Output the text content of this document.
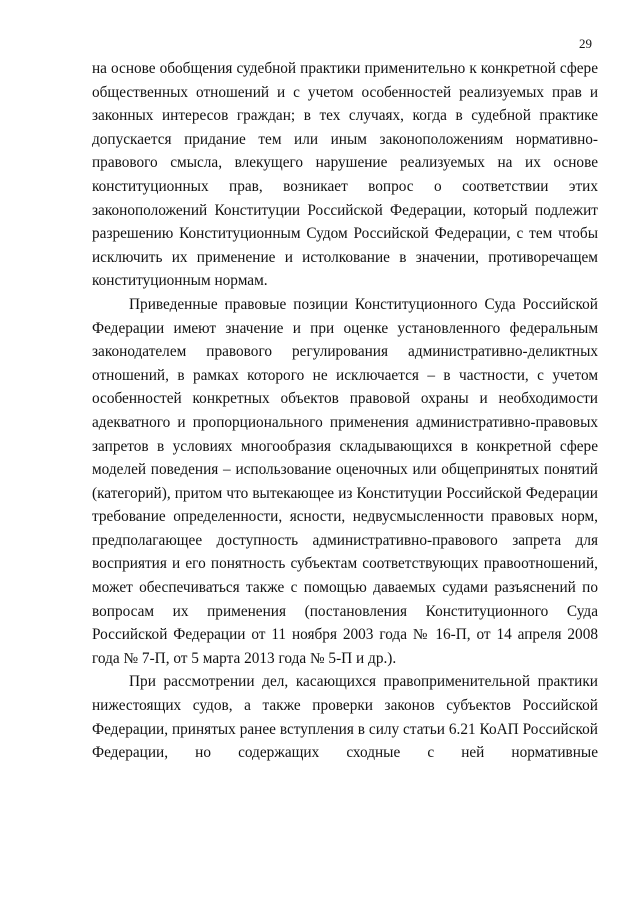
29

на основе обобщения судебной практики применительно к конкретной сфере общественных отношений и с учетом особенностей реализуемых прав и законных интересов граждан; в тех случаях, когда в судебной практике допускается придание тем или иным законоположениям нормативно-правового смысла, влекущего нарушение реализуемых на их основе конституционных прав, возникает вопрос о соответствии этих законоположений Конституции Российской Федерации, который подлежит разрешению Конституционным Судом Российской Федерации, с тем чтобы исключить их применение и истолкование в значении, противоречащем конституционным нормам.

Приведенные правовые позиции Конституционного Суда Российской Федерации имеют значение и при оценке установленного федеральным законодателем правового регулирования административно-деликтных отношений, в рамках которого не исключается – в частности, с учетом особенностей конкретных объектов правовой охраны и необходимости адекватного и пропорционального применения административно-правовых запретов в условиях многообразия складывающихся в конкретной сфере моделей поведения – использование оценочных или общепринятых понятий (категорий), притом что вытекающее из Конституции Российской Федерации требование определенности, ясности, недвусмысленности правовых норм, предполагающее доступность административно-правового запрета для восприятия и его понятность субъектам соответствующих правоотношений, может обеспечиваться также с помощью даваемых судами разъяснений по вопросам их применения (постановления Конституционного Суда Российской Федерации от 11 ноября 2003 года № 16-П, от 14 апреля 2008 года № 7-П, от 5 марта 2013 года № 5-П и др.).

При рассмотрении дел, касающихся правоприменительной практики нижестоящих судов, а также проверки законов субъектов Российской Федерации, принятых ранее вступления в силу статьи 6.21 КоАП Российской Федерации, но содержащих сходные с ней нормативные
